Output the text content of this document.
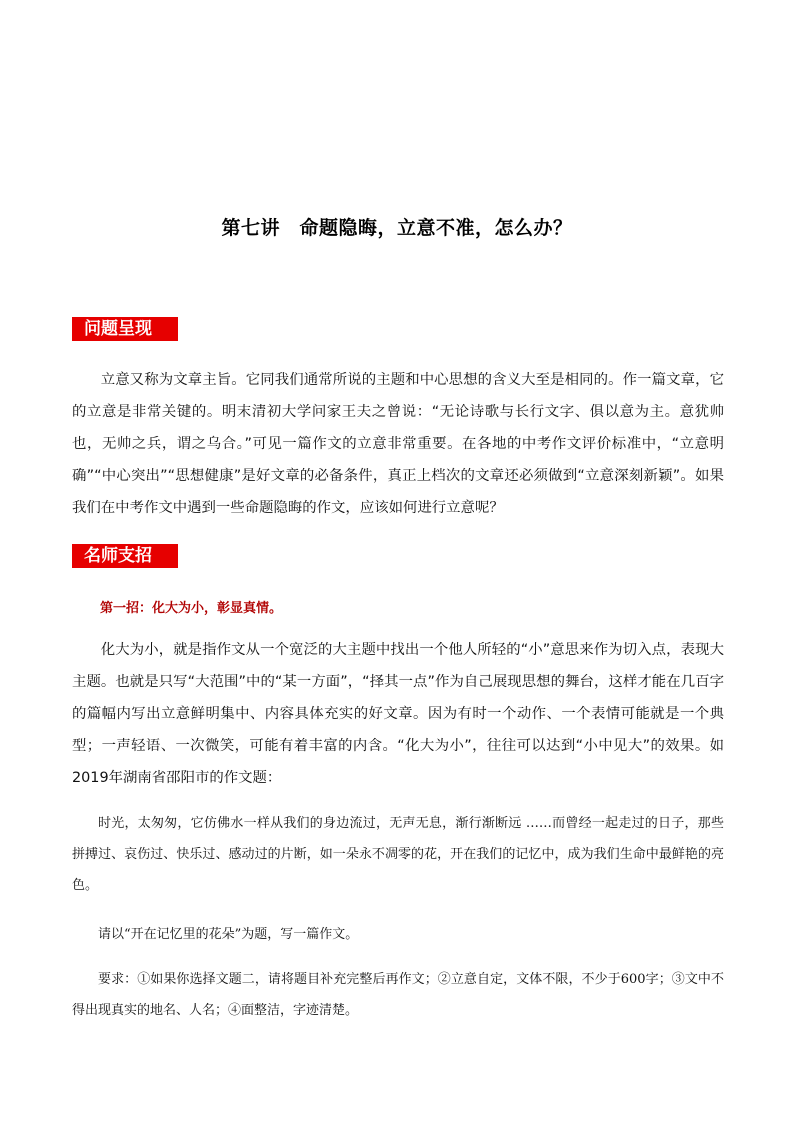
第七讲　命题隐晦，立意不准，怎么办？
问题呈现

立意又称为文章主旨。它同我们通常所说的主题和中心思想的含义大至是相同的。作一篇文章，它的立意是非常关键的。明末清初大学问家王夫之曾说：“无论诗歌与长行文字、俱以意为主。意犹帅也，无帅之兵，谓之乌合。”可见一篇作文的立意非常重要。在各地的中考作文评价标准中，“立意明确”“中心突出”“思想健康”是好文章的必备条件，真正上档次的文章还必须做到“立意深刻新颖”。如果我们在中考作文中遇到一些命题隐晦的作文，应该如何进行立意呢？

名师支招
第一招：化大为小，彰显真情。

化大为小，就是指作文从一个宽泛的大主题中找出一个他人所轻的“小”意思来作为切入点，表现大主题。也就是只写“大范围”中的“某一方面”，“择其一点”作为自己展现思想的舞台，这样才能在几百字的篇幅内写出立意鲜明集中、内容具体充实的好文章。因为有时一个动作、一个表情可能就是一个典型；一声轻语、一次微笑，可能有着丰富的内含。“化大为小”，往往可以达到“小中见大”的效果。如2019年湖南省邵阳市的作文题：

时光，太匆匆，它仿佛水一样从我们的身边流过，无声无息，渐行渐断远 ……而曾经一起走过的日子，那些拼搏过、哀伤过、快乐过、感动过的片断，如一朵永不凋零的花，开在我们的记忆中，成为我们生命中最鲜艳的亮色。

请以“开在记忆里的花朵”为题，写一篇作文。

要求：①如果你选择文题二，请将题目补充完整后再作文；②立意自定，文体不限，不少于600字；③文中不得出现真实的地名、人名；④面整洁，字迹清楚。
